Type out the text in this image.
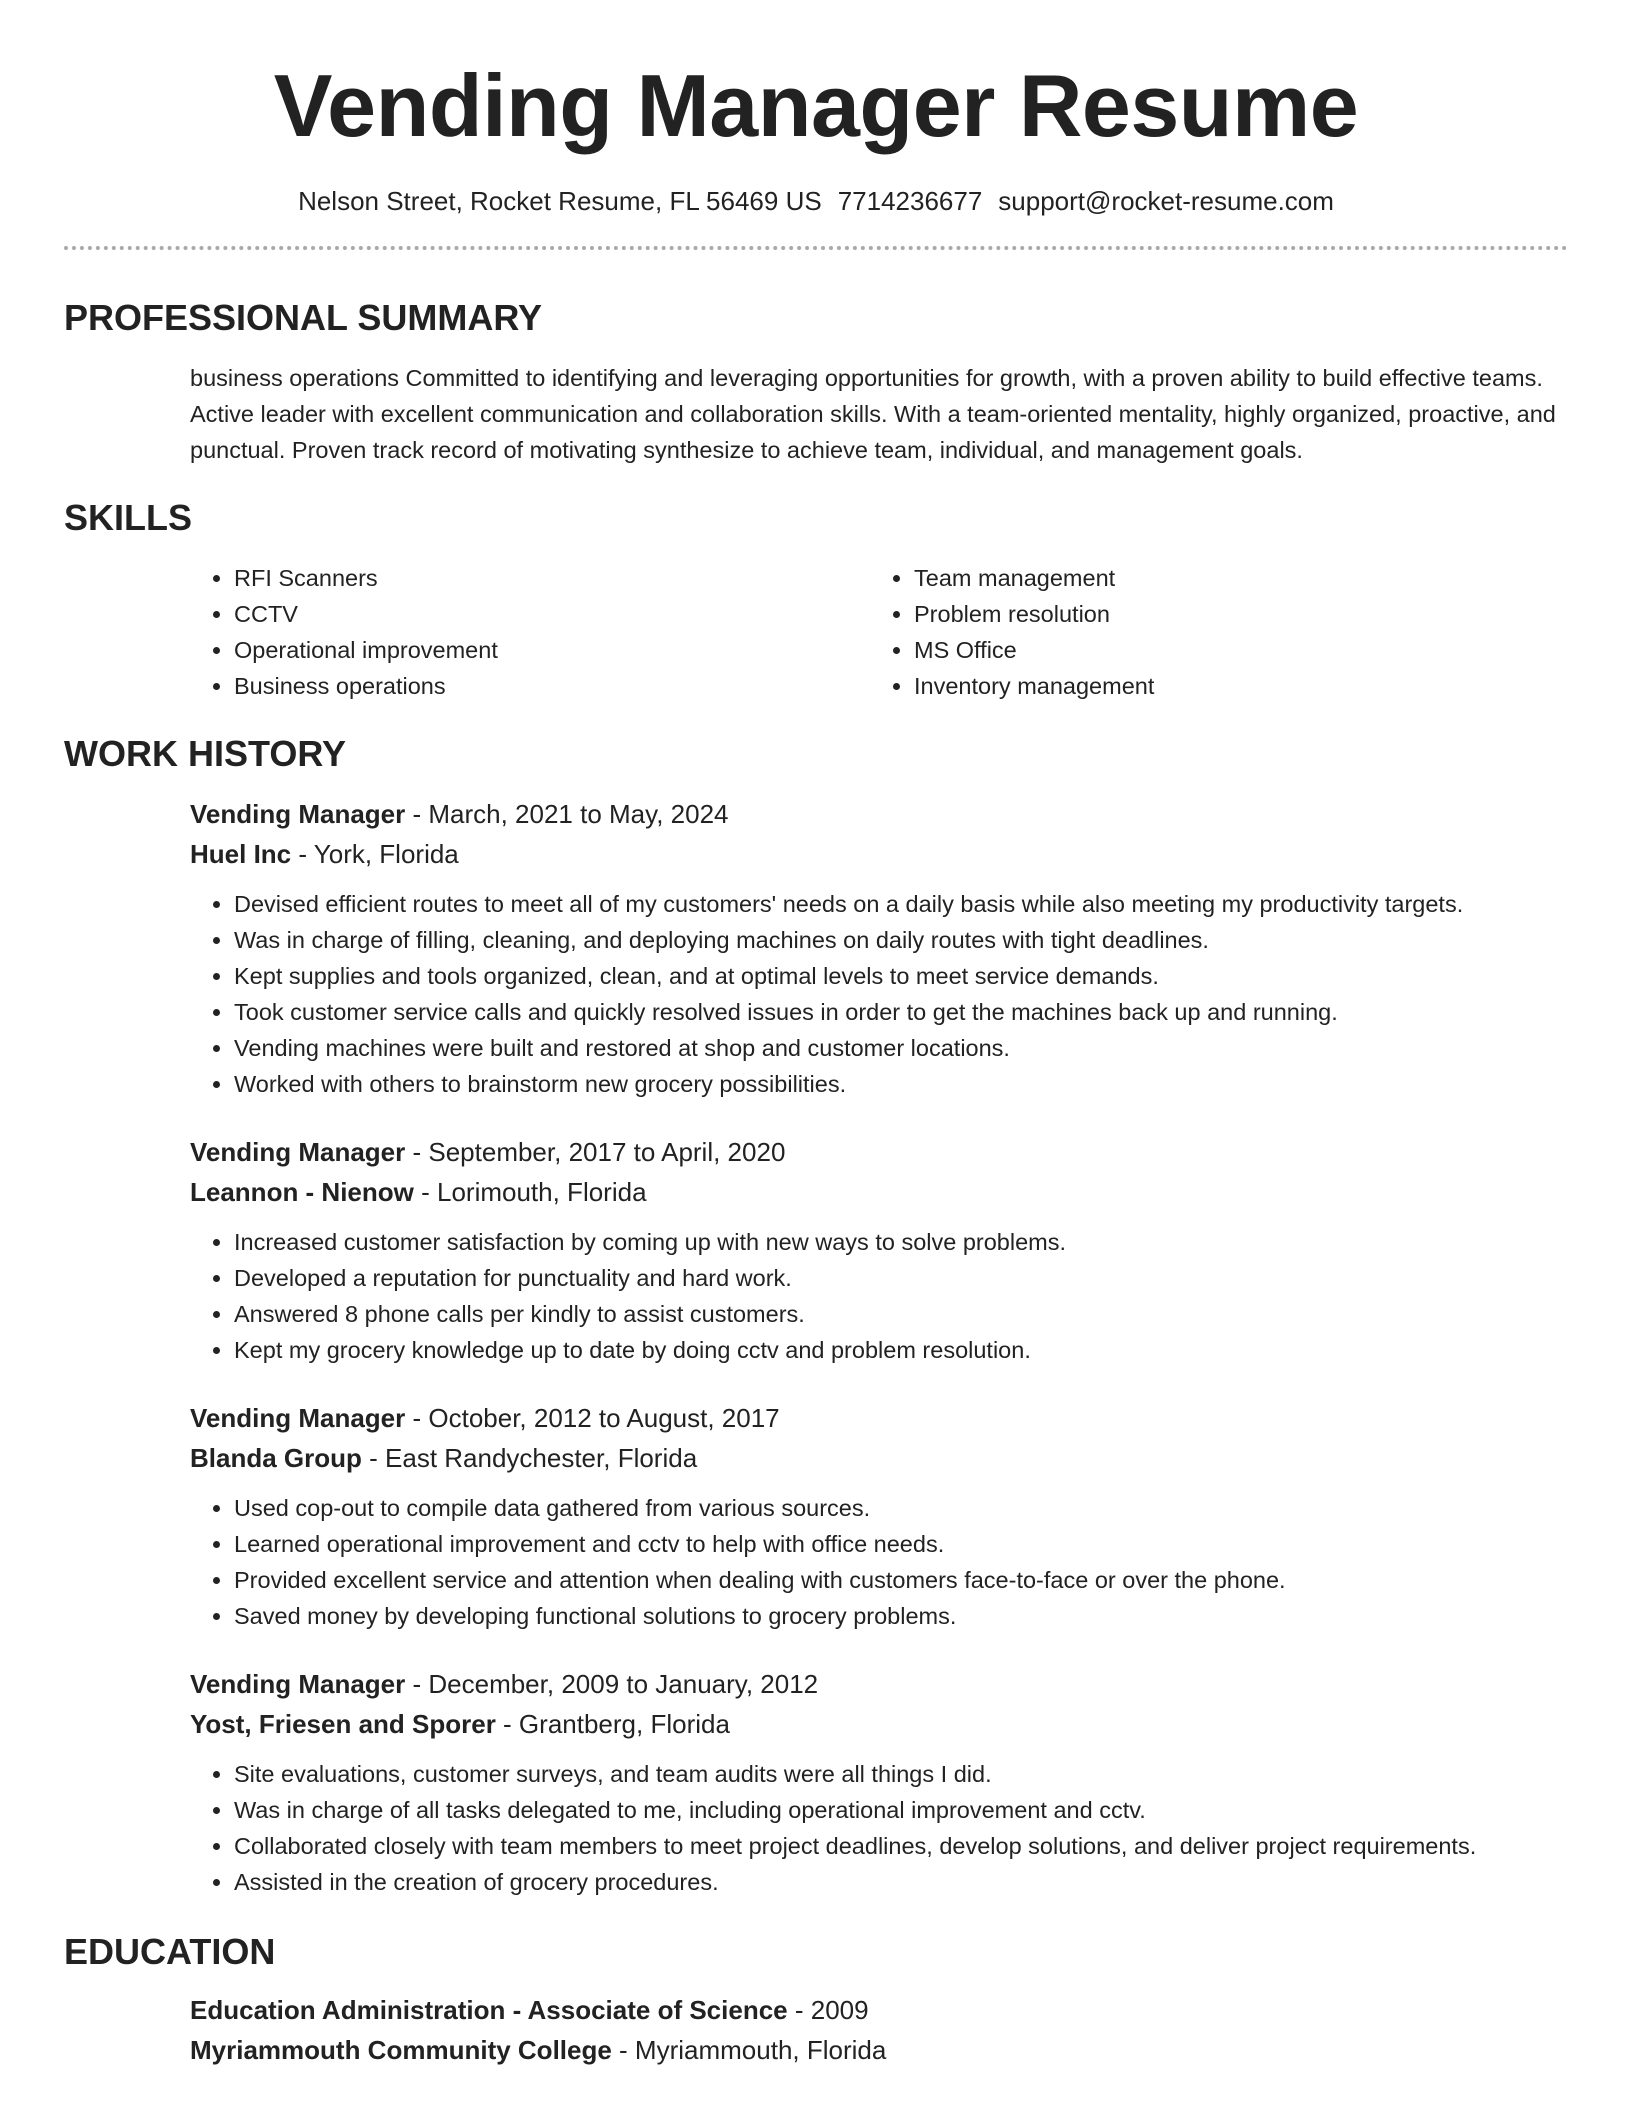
Vending Manager Resume
Nelson Street, Rocket Resume, FL 56469 US 7714236677 support@rocket-resume.com
PROFESSIONAL SUMMARY

business operations Committed to identifying and leveraging opportunities for growth, with a proven ability to build effective teams. Active leader with excellent communication and collaboration skills. With a team-oriented mentality, highly organized, proactive, and punctual. Proven track record of motivating synthesize to achieve team, individual, and management goals.

SKILLS
• RFI Scanners
• CCTV
• Operational improvement
• Business operations
• Team management
• Problem resolution
• MS Office
• Inventory management
WORK HISTORY
Vending Manager - March, 2021 to May, 2024
Huel Inc - York, Florida
• Devised efficient routes to meet all of my customers' needs on a daily basis while also meeting my productivity targets.
• Was in charge of filling, cleaning, and deploying machines on daily routes with tight deadlines.
• Kept supplies and tools organized, clean, and at optimal levels to meet service demands.
• Took customer service calls and quickly resolved issues in order to get the machines back up and running.
• Vending machines were built and restored at shop and customer locations.
• Worked with others to brainstorm new grocery possibilities.
Vending Manager - September, 2017 to April, 2020
Leannon - Nienow - Lorimouth, Florida
• Increased customer satisfaction by coming up with new ways to solve problems.
• Developed a reputation for punctuality and hard work.
• Answered 8 phone calls per kindly to assist customers.
• Kept my grocery knowledge up to date by doing cctv and problem resolution.
Vending Manager - October, 2012 to August, 2017
Blanda Group - East Randychester, Florida
• Used cop-out to compile data gathered from various sources.
• Learned operational improvement and cctv to help with office needs.
• Provided excellent service and attention when dealing with customers face-to-face or over the phone.
• Saved money by developing functional solutions to grocery problems.
Vending Manager - December, 2009 to January, 2012
Yost, Friesen and Sporer - Grantberg, Florida
• Site evaluations, customer surveys, and team audits were all things I did.
• Was in charge of all tasks delegated to me, including operational improvement and cctv.
• Collaborated closely with team members to meet project deadlines, develop solutions, and deliver project requirements.
• Assisted in the creation of grocery procedures.
EDUCATION
Education Administration - Associate of Science - 2009
Myriammouth Community College - Myriammouth, Florida
